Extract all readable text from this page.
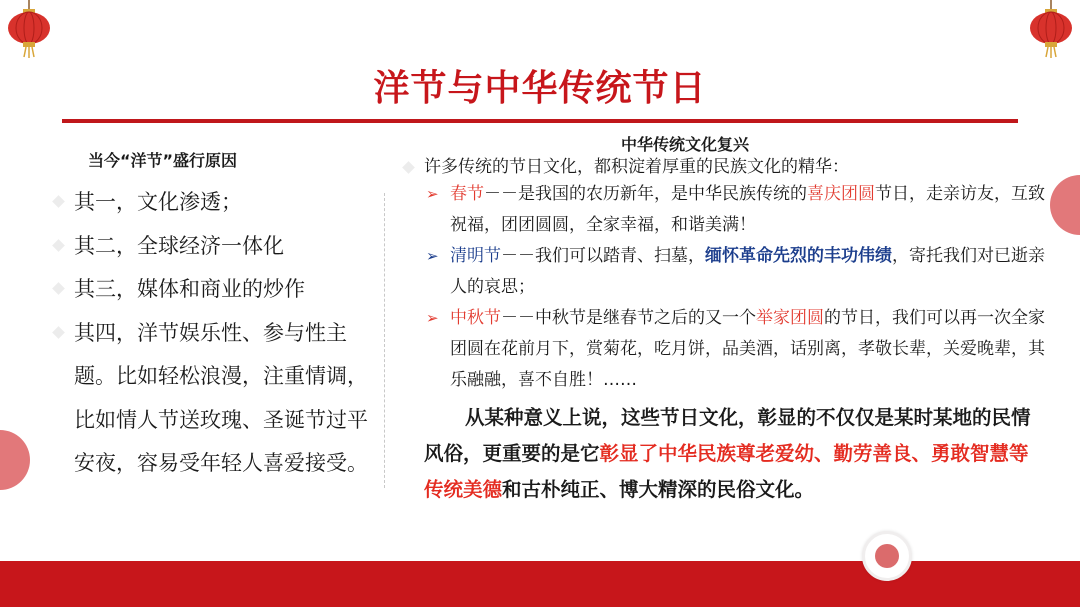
洋节与中华传统节日
当今“洋节”盛行原因
其一，文化渗透；
其二，全球经济一体化
其三，媒体和商业的炒作
其四，洋节娱乐性、参与性主题。比如轻松浪漫，注重情调，比如情人节送玫瑰、圣诞节过平安夜，容易受年轻人喜爱接受。
中华传统文化复兴
许多传统的节日文化，都积淀着厚重的民族文化的精华：
➢ 春节－－是我国的农历新年，是中华民族传统的喜庆团圆节日，走亲访友，互致祝福，团团圆圆，全家幸福，和谐美满！
➢ 清明节－－我们可以踏青、扫墓，缅怀革命先烈的丰功伟绩，寄托我们对已逝亲人的哀思；
➢ 中秋节－－中秋节是继春节之后的又一个举家团圆的节日，我们可以再一次全家团圆在花前月下，赏菊花，吃月饼，品美酒，话别离，孝敬长辈，关爱晚辈，其乐融融，喜不自胜！……
从某种意义上说，这些节日文化，彰显的不仅仅是某时某地的民情风俗，更重要的是它彰显了中华民族尊老爱幼、勤劳善良、勇敢智慧等传统美德和古朴纯正、博大精深的民俗文化。
